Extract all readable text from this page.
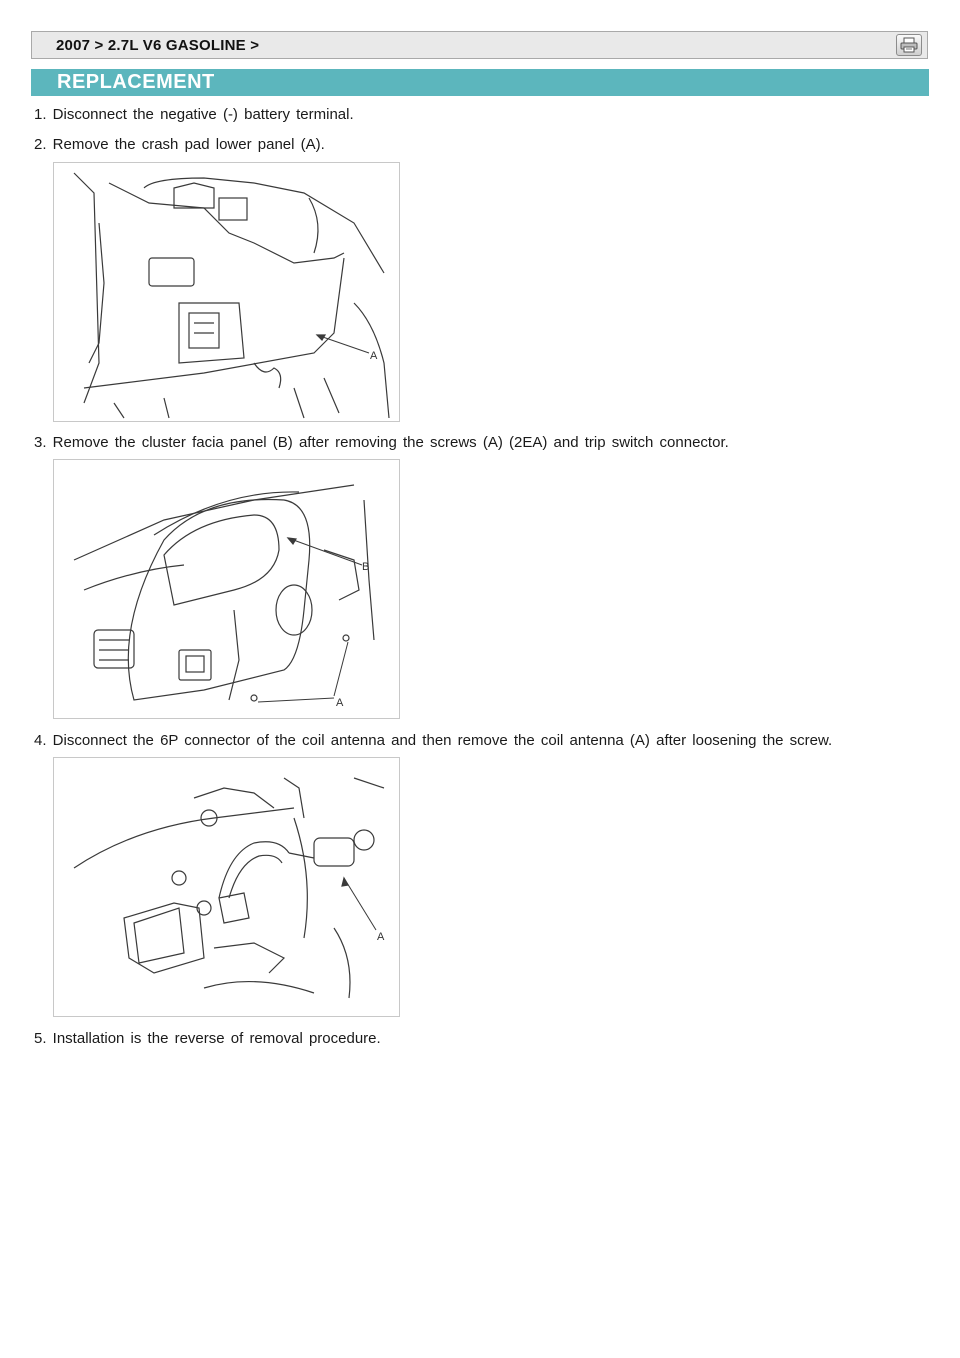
2007 > 2.7L V6 GASOLINE >
REPLACEMENT
1. Disconnect the negative (-) battery terminal.
2. Remove the crash pad lower panel (A).
A
3. Remove the cluster facia panel (B) after removing the screws (A) (2EA) and trip switch connector.
B
A
4. Disconnect the 6P connector of the coil antenna and then remove the coil antenna (A) after loosening the screw.
A
5. Installation is the reverse of removal procedure.
